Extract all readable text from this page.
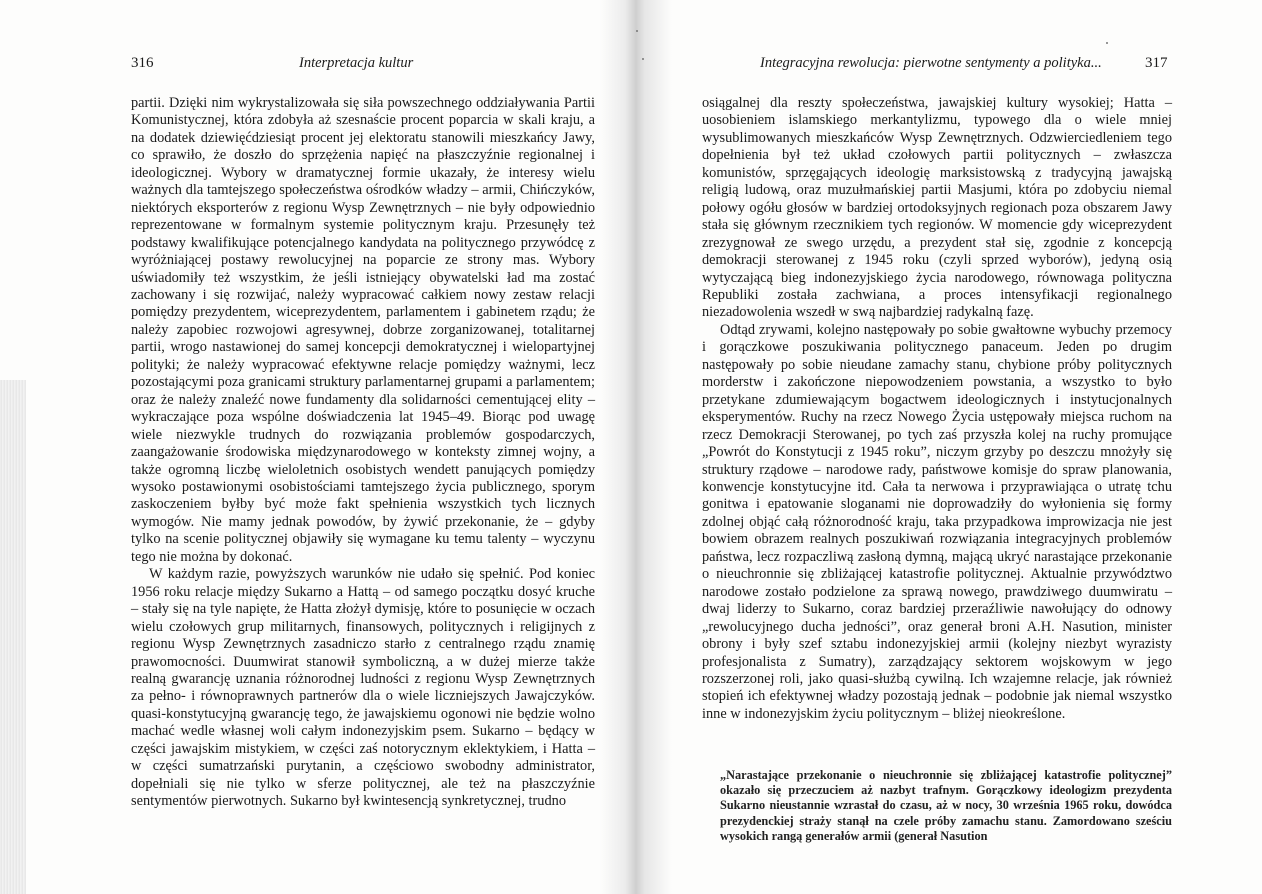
316	Interpretacja kultur

partii. Dzięki nim wykrystalizowała się siła powszechnego oddziaływania Partii Komunistycznej, która zdobyła aż szesnaście procent poparcia w skali kraju, a na dodatek dziewięćdziesiąt procent jej elektoratu stanowili mieszkańcy Jawy, co sprawiło, że doszło do sprzężenia napięć na płaszczyźnie regionalnej i ideologicznej. Wybory w dramatycznej formie ukazały, że interesy wielu ważnych dla tamtejszego społeczeństwa ośrodków władzy – armii, Chińczyków, niektórych eksporterów z regionu Wysp Zewnętrznych – nie były odpowiednio reprezentowane w formalnym systemie politycznym kraju. Przesunęły też podstawy kwalifikujące potencjalnego kandydata na politycznego przywódcę z wyróżniającej postawy rewolucyjnej na poparcie ze strony mas. Wybory uświadomiły też wszystkim, że jeśli istniejący obywatelski ład ma zostać zachowany i się rozwijać, należy wypracować całkiem nowy zestaw relacji pomiędzy prezydentem, wiceprezydentem, parlamentem i gabinetem rządu; że należy zapobiec rozwojowi agresywnej, dobrze zorganizowanej, totalitarnej partii, wrogo nastawionej do samej koncepcji demokratycznej i wielopartyjnej polityki; że należy wypracować efektywne relacje pomiędzy ważnymi, lecz pozostającymi poza granicami struktury parlamentarnej grupami a parlamentem; oraz że należy znaleźć nowe fundamenty dla solidarności cementującej elity – wykraczające poza wspólne doświadczenia lat 1945–49. Biorąc pod uwagę wiele niezwykle trudnych do rozwiązania problemów gospodarczych, zaangażowanie środowiska międzynarodowego w konteksty zimnej wojny, a także ogromną liczbę wieloletnich osobistych wendett panujących pomiędzy wysoko postawionymi osobistościami tamtejszego życia publicznego, sporym zaskoczeniem byłby być może fakt spełnienia wszystkich tych licznych wymogów. Nie mamy jednak powodów, by żywić przekonanie, że – gdyby tylko na scenie politycznej objawiły się wymagane ku temu talenty – wyczynu tego nie można by dokonać.

W każdym razie, powyższych warunków nie udało się spełnić. Pod koniec 1956 roku relacje między Sukarno a Hattą – od samego początku dosyć kruche – stały się na tyle napięte, że Hatta złożył dymisję, które to posunięcie w oczach wielu czołowych grup militarnych, finansowych, politycznych i religijnych z regionu Wysp Zewnętrznych zasadniczo starło z centralnego rządu znamię prawomocności. Duumwirat stanowił symboliczną, a w dużej mierze także realną gwarancję uznania różnorodnej ludności z regionu Wysp Zewnętrznych za pełno- i równoprawnych partnerów dla o wiele liczniejszych Jawajczyków. quasi-konstytucyjną gwarancję tego, że jawajskiemu ogonowi nie będzie wolno machać wedle własnej woli całym indonezyjskim psem. Sukarno – będący w części jawajskim mistykiem, w części zaś notorycznym eklektykiem, i Hatta – w części sumatrzański purytanin, a częściowo swobodny administrator, dopełniali się nie tylko w sferze politycznej, ale też na płaszczyźnie sentymentów pierwotnych. Sukarno był kwintesencją synkretycznej, trudno

Integracyjna rewolucja: pierwotne sentymenty a polityka...	317

osiągalnej dla reszty społeczeństwa, jawajskiej kultury wysokiej; Hatta – uosobieniem islamskiego merkantylizmu, typowego dla o wiele mniej wysublimowanych mieszkańców Wysp Zewnętrznych. Odzwierciedleniem tego dopełnienia był też układ czołowych partii politycznych – zwłaszcza komunistów, sprzęgających ideologię marksistowską z tradycyjną jawajską religią ludową, oraz muzułmańskiej partii Masjumi, która po zdobyciu niemal połowy ogółu głosów w bardziej ortodoksyjnych regionach poza obszarem Jawy stała się głównym rzecznikiem tych regionów. W momencie gdy wiceprezydent zrezygnował ze swego urzędu, a prezydent stał się, zgodnie z koncepcją demokracji sterowanej z 1945 roku (czyli sprzed wyborów), jedyną osią wytyczającą bieg indonezyjskiego życia narodowego, równowaga polityczna Republiki została zachwiana, a proces intensyfikacji regionalnego niezadowolenia wszedł w swą najbardziej radykalną fazę.

Odtąd zrywami, kolejno następowały po sobie gwałtowne wybuchy przemocy i gorączkowe poszukiwania politycznego panaceum. Jeden po drugim następowały po sobie nieudane zamachy stanu, chybione próby politycznych morderstw i zakończone niepowodzeniem powstania, a wszystko to było przetykane zdumiewającym bogactwem ideologicznych i instytucjonalnych eksperymentów. Ruchy na rzecz Nowego Życia ustępowały miejsca ruchom na rzecz Demokracji Sterowanej, po tych zaś przyszła kolej na ruchy promujące „Powrót do Konstytucji z 1945 roku”, niczym grzyby po deszczu mnożyły się struktury rządowe – narodowe rady, państwowe komisje do spraw planowania, konwencje konstytucyjne itd. Cała ta nerwowa i przyprawiająca o utratę tchu gonitwa i epatowanie sloganami nie doprowadziły do wyłonienia się formy zdolnej objąć całą różnorodność kraju, taka przypadkowa improwizacja nie jest bowiem obrazem realnych poszukiwań rozwiązania integracyjnych problemów państwa, lecz rozpaczliwą zasłoną dymną, mającą ukryć narastające przekonanie o nieuchronnie się zbliżającej katastrofie politycznej. Aktualnie przywództwo narodowe zostało podzielone za sprawą nowego, prawdziwego duumwiratu – dwaj liderzy to Sukarno, coraz bardziej przeraźliwie nawołujący do odnowy „rewolucyjnego ducha jedności”, oraz generał broni A.H. Nasution, minister obrony i były szef sztabu indonezyjskiej armii (kolejny niezbyt wyrazisty profesjonalista z Sumatry), zarządzający sektorem wojskowym w jego rozszerzonej roli, jako quasi-służbą cywilną. Ich wzajemne relacje, jak również stopień ich efektywnej władzy pozostają jednak – podobnie jak niemal wszystko inne w indonezyjskim życiu politycznym – bliżej nieokreślone.

„Narastające przekonanie o nieuchronnie się zbliżającej katastrofie politycznej” okazało się przeczuciem aż nazbyt trafnym. Gorączkowy ideologizm prezydenta Sukarno nieustannie wzrastał do czasu, aż w nocy, 30 września 1965 roku, dowódca prezydenckiej straży stanął na czele próby zamachu stanu. Zamordowano sześciu wysokich rangą generałów armii (generał Nasution
